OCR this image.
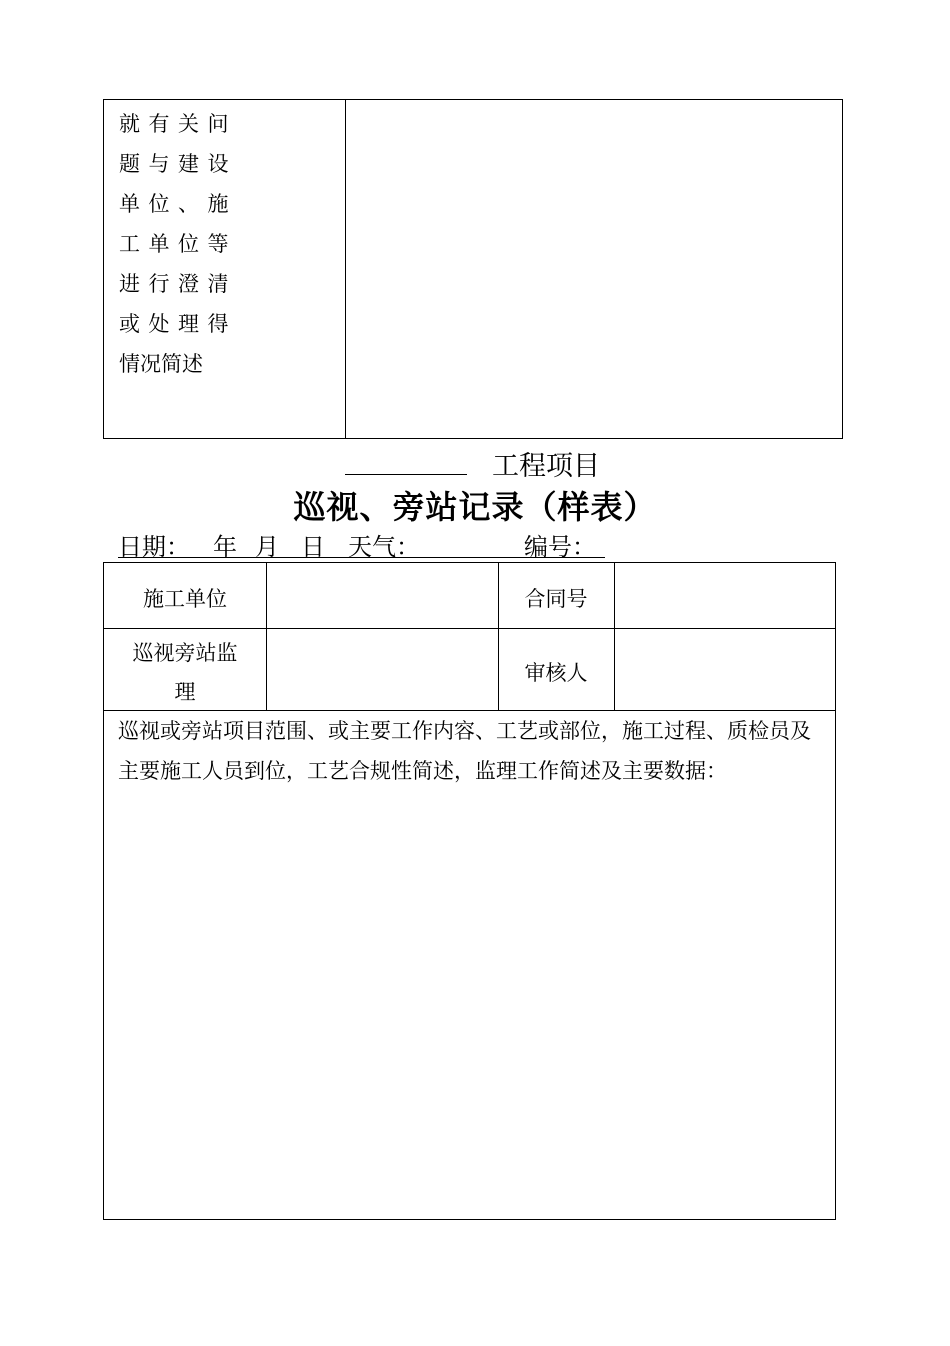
就有关问
题与建设
单位、施
工单位等
进行澄清
或处理得
情况简述
工程项目
巡视、旁站记录（样表）
日期： 年 月 日 天气：	编号：
施工单位	合同号
巡视旁站监
理
审核人
巡视或旁站项目范围、或主要工作内容、工艺或部位，施工过程、质检员及主要施工人员到位，工艺合规性简述，监理工作简述及主要数据：
